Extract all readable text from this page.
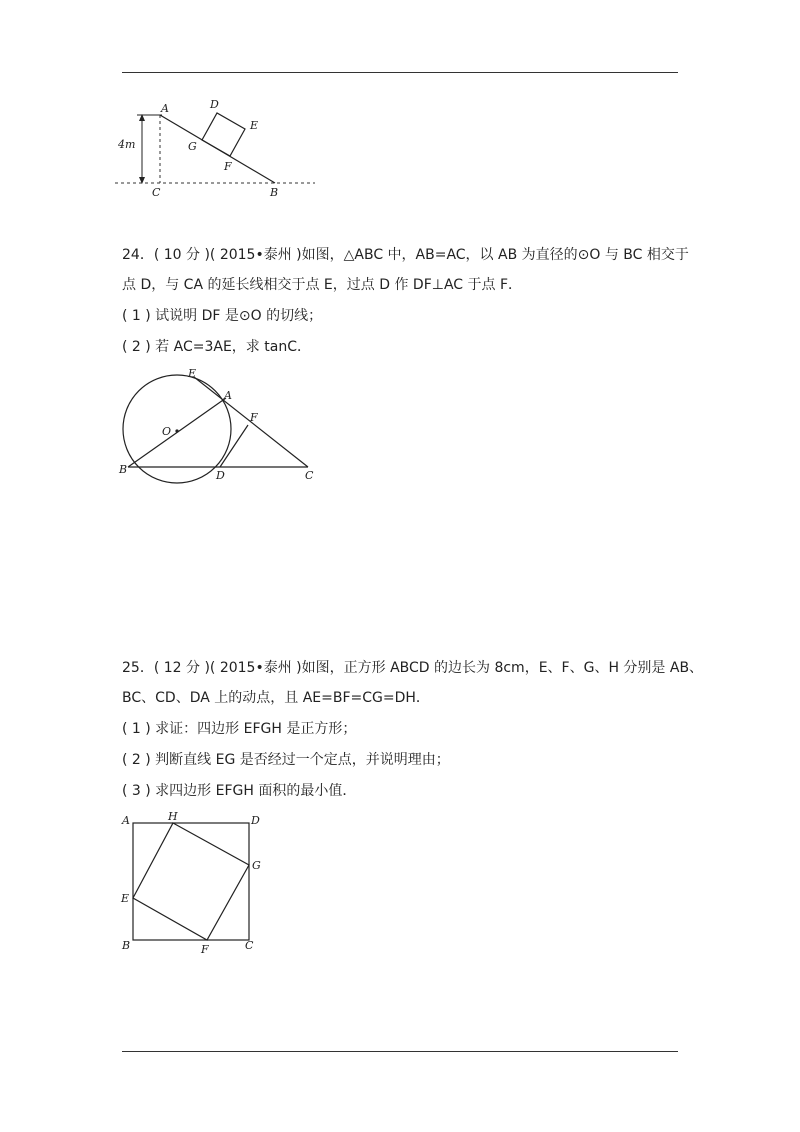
A	D
E
G
F
C	B
4m
24．( 10 分 )( 2015•泰州 )如图，△ABC 中，AB=AC，以 AB 为直径的⊙O 与 BC 相交于
点 D，与 CA 的延长线相交于点 E，过点 D 作 DF⊥AC 于点 F．
( 1 ) 试说明 DF 是⊙O 的切线；
( 2 ) 若 AC=3AE，求 tanC．
E
A
F
O
B	D	C
25．( 12 分 )( 2015•泰州 )如图，正方形 ABCD 的边长为 8cm，E、F、G、H 分别是 AB、
BC、CD、DA 上的动点，且 AE=BF=CG=DH．
( 1 ) 求证：四边形 EFGH 是正方形；
( 2 ) 判断直线 EG 是否经过一个定点，并说明理由；
( 3 ) 求四边形 EFGH 面积的最小值．
A	H	D
G
E
B	F	C
